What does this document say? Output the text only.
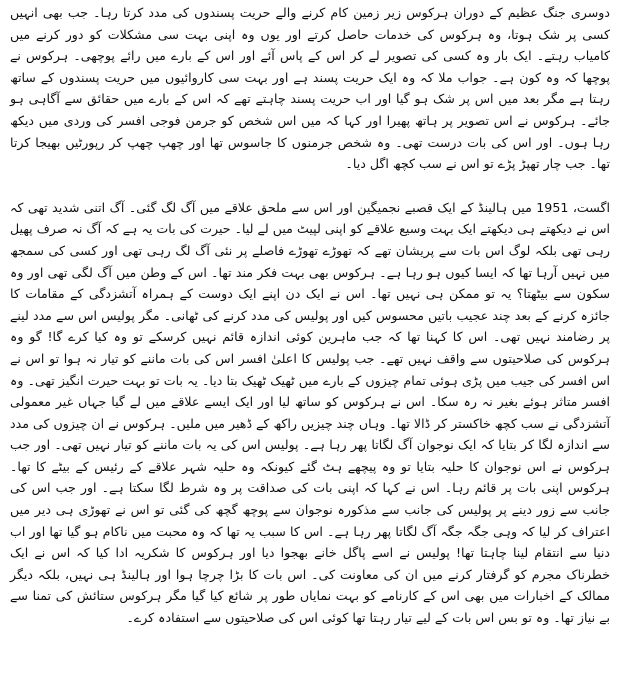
دوسری جنگ عظیم کے دوران ہرکوس زیر زمین کام کرنے والے حریت پسندوں کی مدد کرتا رہا۔ جب بھی انہیں کسی پر شک ہوتا، وہ ہرکوس کی خدمات حاصل کرتے اور یوں وہ اپنی بہت سی مشکلات کو دور کرنے میں کامیاب رہتے۔ ایک بار وہ کسی کی تصویر لے کر اس کے پاس آئے اور اس کے بارے میں رائے پوچھی۔ ہرکوس نے پوچھا کہ وہ کون ہے۔ جواب ملا کہ وہ ایک حریت پسند ہے اور بہت سی کاروائیوں میں حریت پسندوں کے ساتھ رہتا ہے مگر بعد میں اس پر شک ہو گیا اور اب حریت پسند چاہتے تھے کہ اس کے بارے میں حقائق سے آگاہی ہو جائے۔ ہرکوس نے اس تصویر پر ہاتھ پھیرا اور کہا کہ میں اس شخص کو جرمن فوجی افسر کی وردی میں دیکھ رہا ہوں۔ اور اس کی بات درست تھی۔ وہ شخص جرمنوں کا جاسوس تھا اور چھپ چھپ کر رپورٹیں بھیجا کرتا تھا۔ جب چار تھپڑ پڑے تو اس نے سب کچھ اگل دیا۔

اگست، 1951 میں ہالینڈ کے ایک قصبے نجمیگین اور اس سے ملحق علاقے میں آگ لگ گئی۔ آگ اتنی شدید تھی کہ اس نے دیکھتے ہی دیکھتے ایک بہت وسیع علاقے کو اپنی لپیٹ میں لے لیا۔ حیرت کی بات یہ ہے کہ آگ نہ صرف پھیل رہی تھی بلکہ لوگ اس بات سے پریشان تھے کہ تھوڑے تھوڑے فاصلے پر نئی آگ لگ رہی تھی اور کسی کی سمجھ میں نہیں آرہا تھا کہ ایسا کیوں ہو رہا ہے۔ ہرکوس بھی بہت فکر مند تھا۔ اس کے وطن میں آگ لگی تھی اور وہ سکون سے بیٹھتا؟ یہ تو ممکن ہی نہیں تھا۔ اس نے ایک دن اپنے ایک دوست کے ہمراہ آتشزدگی کے مقامات کا جائزہ کرنے کے بعد چند عجیب باتیں محسوس کیں اور پولیس کی مدد کرنے کی ٹھانی۔ مگر پولیس اس سے مدد لینے پر رضامند نہیں تھی۔ اس کا کہنا تھا کہ جب ماہرین کوئی اندازہ قائم نہیں کرسکے تو وہ کیا کرے گا! گو وہ ہرکوس کی صلاحیتوں سے واقف نہیں تھے۔ جب پولیس کا اعلیٰ افسر اس کی بات ماننے کو تیار نہ ہوا تو اس نے اس افسر کی جیب میں پڑی ہوئی تمام چیزوں کے بارے میں ٹھیک ٹھیک بتا دیا۔ یہ بات تو بہت حیرت انگیز تھی۔ وہ افسر متاثر ہوئے بغیر نہ رہ سکا۔ اس نے ہرکوس کو ساتھ لیا اور ایک ایسے علاقے میں لے گیا جہاں غیر معمولی آتشزدگی نے سب کچھ خاکستر کر ڈالا تھا۔ وہاں چند چیزیں راکھ کے ڈھیر میں ملیں۔ ہرکوس نے ان چیزوں کی مدد سے اندازہ لگا کر بتایا کہ ایک نوجوان آگ لگاتا پھر رہا ہے۔ پولیس اس کی یہ بات ماننے کو تیار نہیں تھی۔ اور جب ہرکوس نے اس نوجوان کا حلیہ بتایا تو وہ پیچھے ہٹ گئے کیونکہ وہ حلیہ شہر علاقے کے رئیس کے بیٹے کا تھا۔ ہرکوس اپنی بات پر قائم رہا۔ اس نے کہا کہ اپنی بات کی صداقت پر وہ شرط لگا سکتا ہے۔ اور جب اس کی جانب سے زور دینے پر پولیس کی جانب سے مذکورہ نوجوان سے پوچھ گچھ کی گئی تو اس نے تھوڑی ہی دیر میں اعتراف کر لیا کہ وہی جگہ جگہ آگ لگاتا پھر رہا ہے۔ اس کا سبب یہ تھا کہ وہ محبت میں ناکام ہو گیا تھا اور اب دنیا سے انتقام لینا چاہتا تھا! پولیس نے اسے پاگل خانے بھجوا دیا اور ہرکوس کا شکریہ ادا کیا کہ اس نے ایک خطرناک مجرم کو گرفتار کرنے میں ان کی معاونت کی۔ اس بات کا بڑا چرچا ہوا اور ہالینڈ ہی نہیں، بلکہ دیگر ممالک کے اخبارات میں بھی اس کے کارنامے کو بہت نمایاں طور پر شائع کیا گیا مگر ہرکوس ستائش کی تمنا سے بے نیاز تھا۔ وہ تو بس اس بات کے لیے تیار رہتا تھا کوئی اس کی صلاحیتوں سے استفادہ کرے۔
